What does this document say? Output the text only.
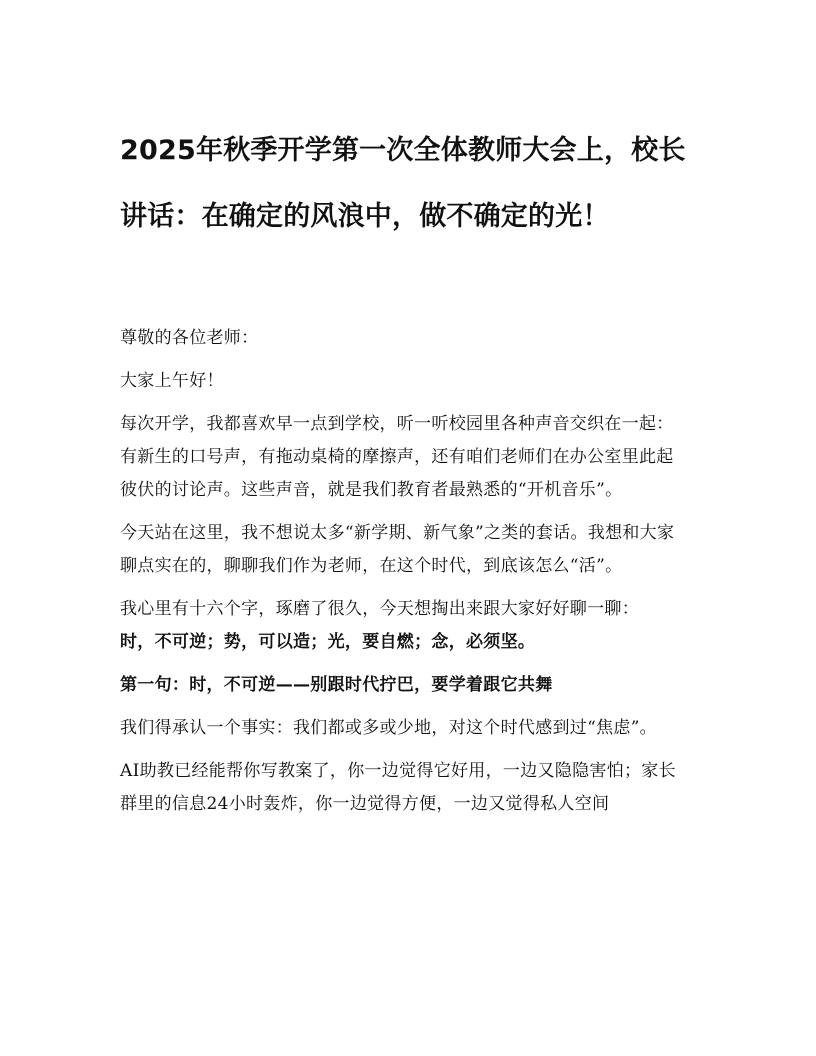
2025年秋季开学第一次全体教师大会上，校长讲话：在确定的风浪中，做不确定的光！

尊敬的各位老师：

大家上午好！

每次开学，我都喜欢早一点到学校，听一听校园里各种声音交织在一起：有新生的口号声，有拖动桌椅的摩擦声，还有咱们老师们在办公室里此起彼伏的讨论声。这些声音，就是我们教育者最熟悉的“开机音乐”。

今天站在这里，我不想说太多“新学期、新气象”之类的套话。我想和大家聊点实在的，聊聊我们作为老师，在这个时代，到底该怎么“活”。

我心里有十六个字，琢磨了很久，今天想掏出来跟大家好好聊一聊：
时，不可逆；势，可以造；光，要自燃；念，必须坚。

第一句：时，不可逆——别跟时代拧巴，要学着跟它共舞

我们得承认一个事实：我们都或多或少地，对这个时代感到过“焦虑”。

AI助教已经能帮你写教案了，你一边觉得它好用，一边又隐隐害怕；家长群里的信息24小时轰炸，你一边觉得方便，一边又觉得私人空间
